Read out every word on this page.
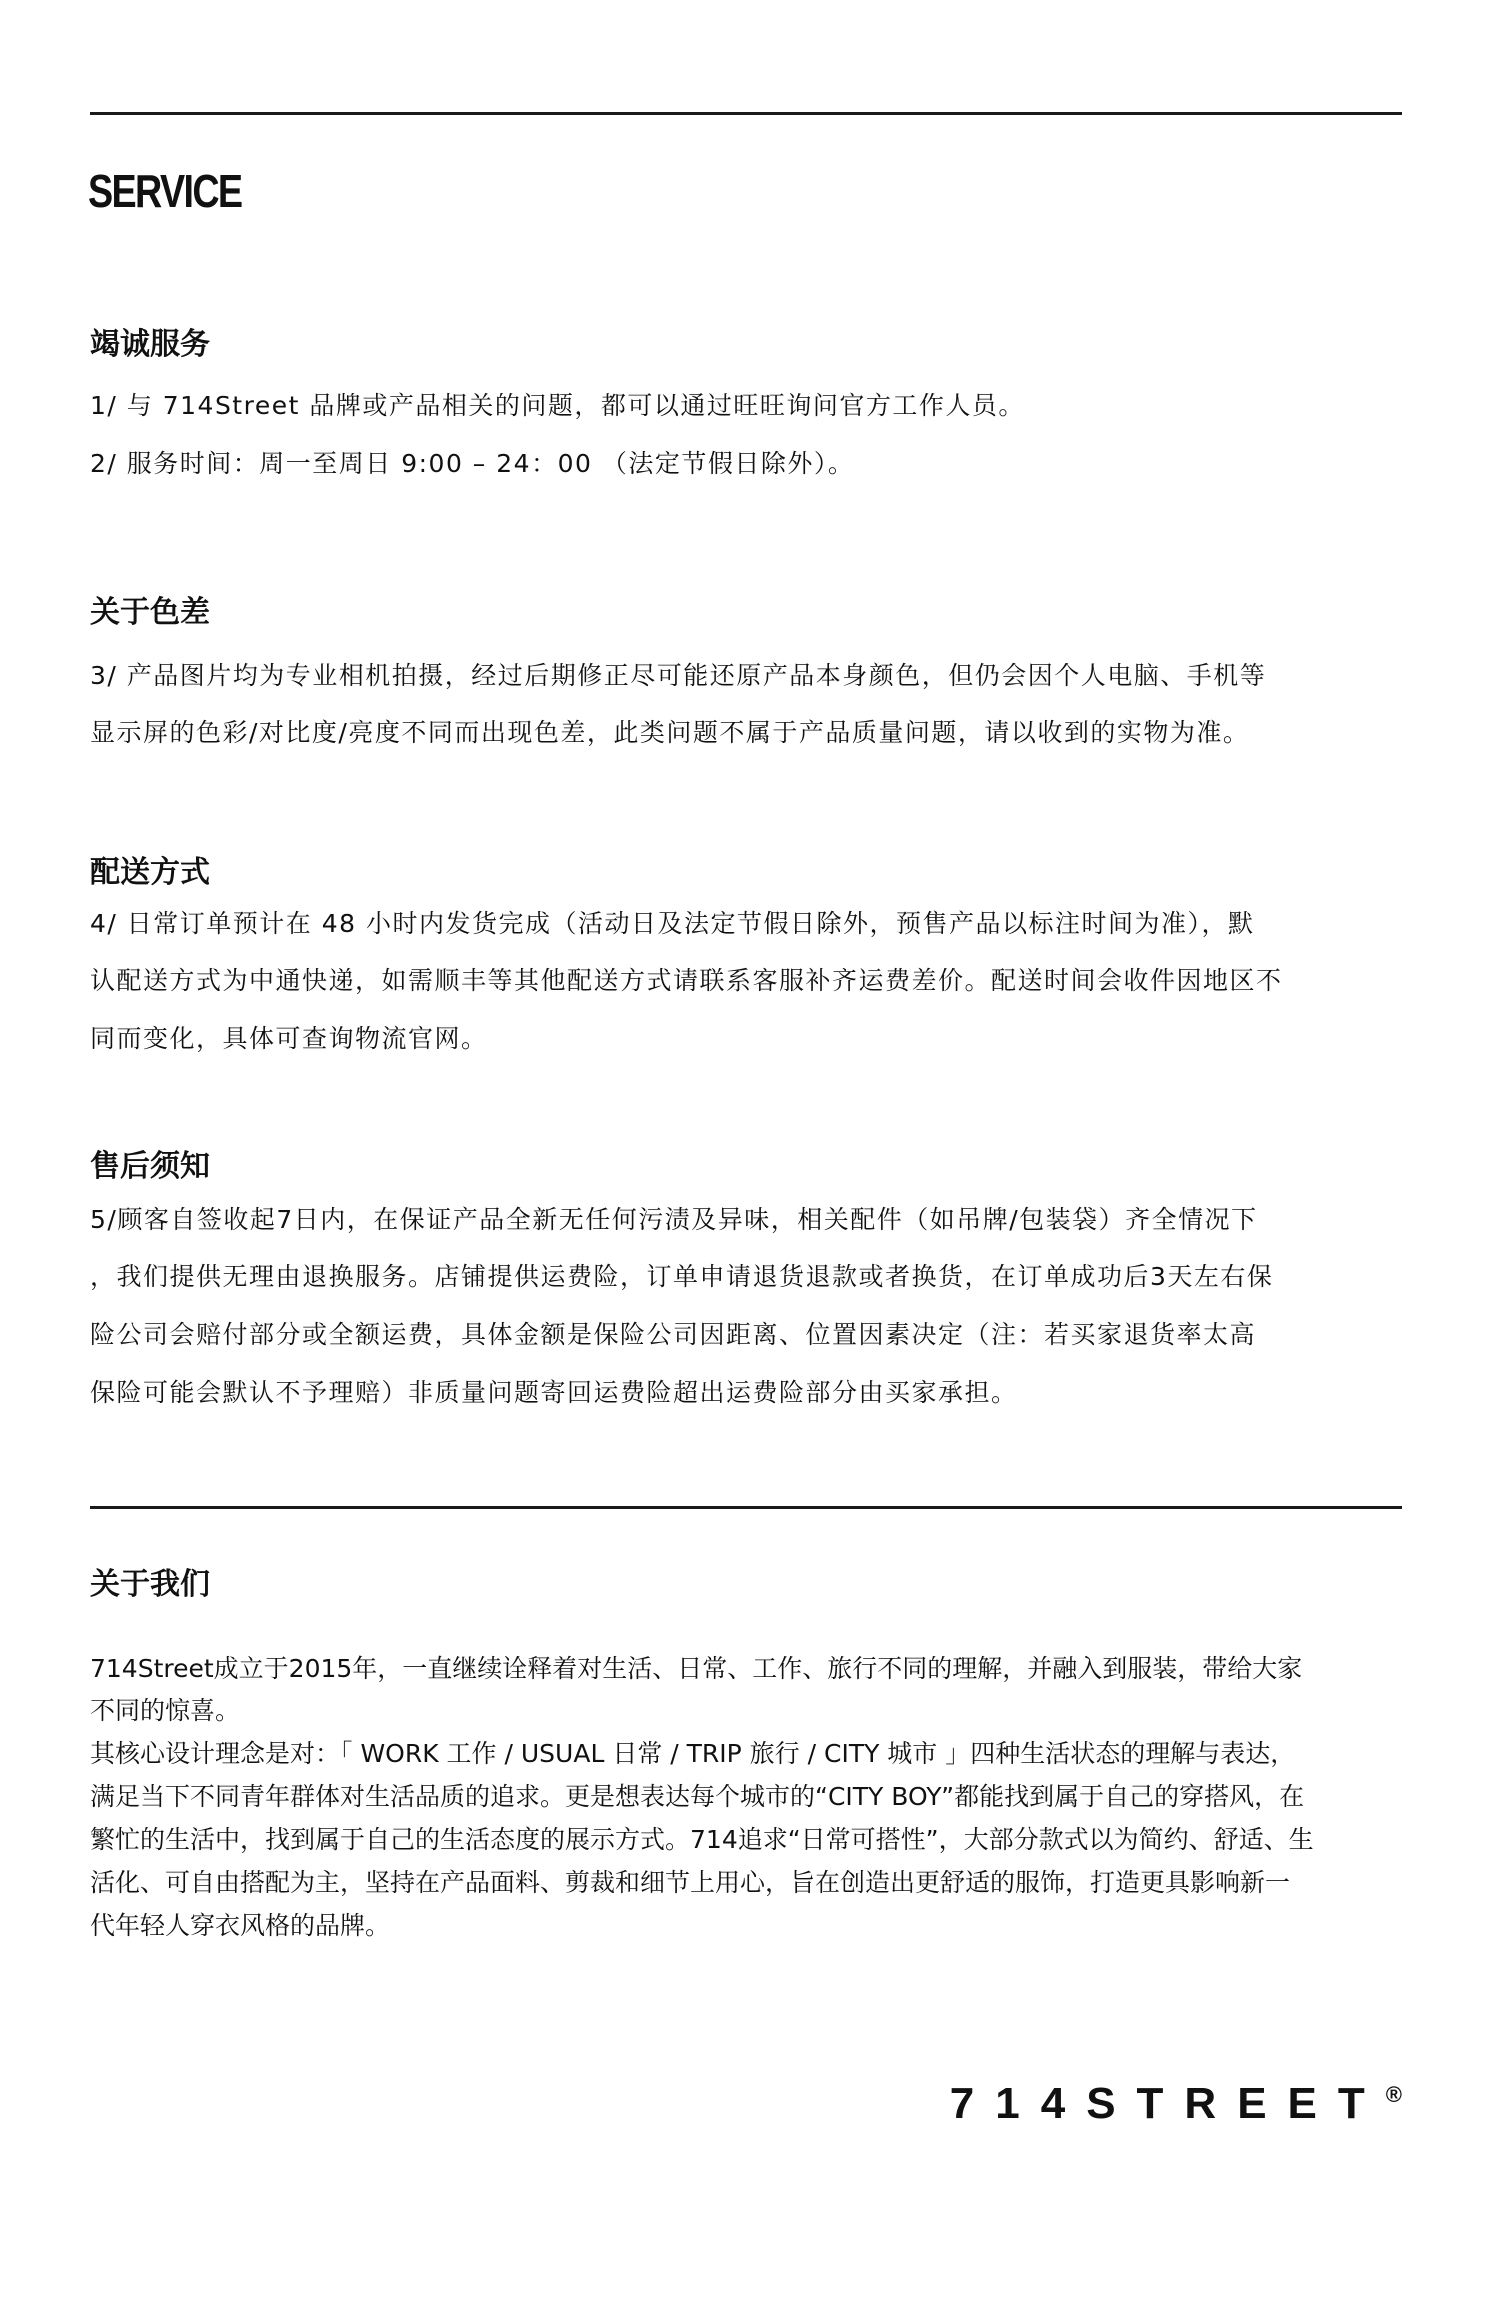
SERVICE
竭诚服务
1/ 与 714Street 品牌或产品相关的问题，都可以通过旺旺询问官方工作人员。
2/ 服务时间：周一至周日 9:00 – 24：00 （法定节假日除外）。
关于色差
3/ 产品图片均为专业相机拍摄，经过后期修正尽可能还原产品本身颜色，但仍会因个人电脑、手机等
显示屏的色彩/对比度/亮度不同而出现色差，此类问题不属于产品质量问题，请以收到的实物为准。
配送方式
4/ 日常订单预计在 48 小时内发货完成（活动日及法定节假日除外，预售产品以标注时间为准），默
认配送方式为中通快递，如需顺丰等其他配送方式请联系客服补齐运费差价。配送时间会收件因地区不
同而变化，具体可查询物流官网。
售后须知
5/顾客自签收起7日内，在保证产品全新无任何污渍及异味，相关配件（如吊牌/包装袋）齐全情况下
，我们提供无理由退换服务。店铺提供运费险，订单申请退货退款或者换货，在订单成功后3天左右保
险公司会赔付部分或全额运费，具体金额是保险公司因距离、位置因素决定（注：若买家退货率太高
保险可能会默认不予理赔）非质量问题寄回运费险超出运费险部分由买家承担。
关于我们
714Street成立于2015年，一直继续诠释着对生活、日常、工作、旅行不同的理解，并融入到服装，带给大家
不同的惊喜。
其核心设计理念是对：「 WORK 工作 / USUAL 日常 / TRIP 旅行 / CITY 城市 」四种生活状态的理解与表达，
满足当下不同青年群体对生活品质的追求。更是想表达每个城市的“CITY BOY”都能找到属于自己的穿搭风，在
繁忙的生活中，找到属于自己的生活态度的展示方式。714追求“日常可搭性”，大部分款式以为简约、舒适、生
活化、可自由搭配为主，坚持在产品面料、剪裁和细节上用心，旨在创造出更舒适的服饰，打造更具影响新一
代年轻人穿衣风格的品牌。
714STREET®
